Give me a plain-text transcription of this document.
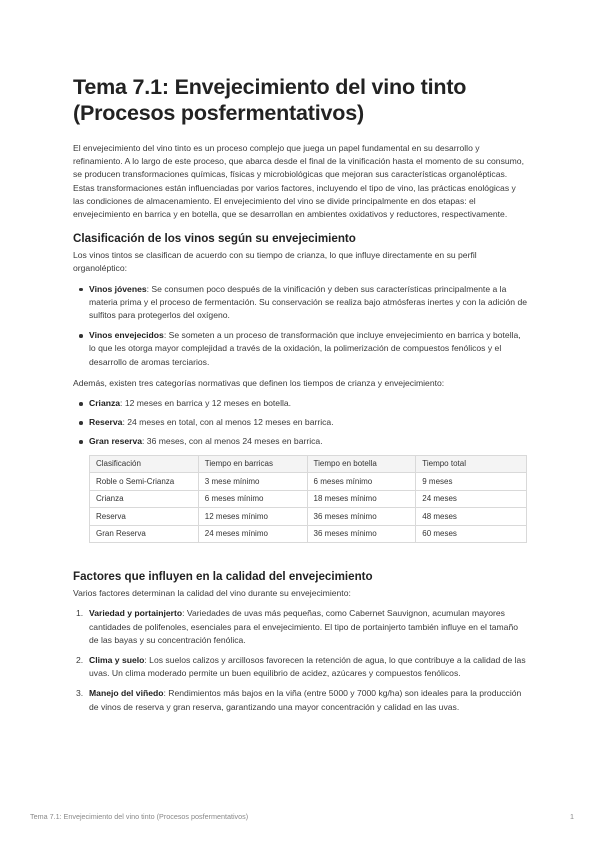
Tema 7.1: Envejecimiento del vino tinto (Procesos posfermentativos)

El envejecimiento del vino tinto es un proceso complejo que juega un papel fundamental en su desarrollo y refinamiento. A lo largo de este proceso, que abarca desde el final de la vinificación hasta el momento de su consumo, se producen transformaciones químicas, físicas y microbiológicas que mejoran sus características organolépticas. Estas transformaciones están influenciadas por varios factores, incluyendo el tipo de vino, las prácticas enológicas y las condiciones de almacenamiento. El envejecimiento del vino se divide principalmente en dos etapas: el envejecimiento en barrica y en botella, que se desarrollan en ambientes oxidativos y reductores, respectivamente.

Clasificación de los vinos según su envejecimiento

Los vinos tintos se clasifican de acuerdo con su tiempo de crianza, lo que influye directamente en su perfil organoléptico:

Vinos jóvenes: Se consumen poco después de la vinificación y deben sus características principalmente a la materia prima y el proceso de fermentación. Su conservación se realiza bajo atmósferas inertes y con la adición de sulfitos para protegerlos del oxígeno.
Vinos envejecidos: Se someten a un proceso de transformación que incluye envejecimiento en barrica y botella, lo que les otorga mayor complejidad a través de la oxidación, la polimerización de compuestos fenólicos y el desarrollo de aromas terciarios.

Además, existen tres categorías normativas que definen los tiempos de crianza y envejecimiento:

Crianza: 12 meses en barrica y 12 meses en botella.
Reserva: 24 meses en total, con al menos 12 meses en barrica.
Gran reserva: 36 meses, con al menos 24 meses en barrica.
Clasificación	Tiempo en barricas	Tiempo en botella	Tiempo total
Roble o Semi-Crianza	3 mese mínimo	6 meses mínimo	9 meses
Crianza	6 meses mínimo	18 meses mínimo	24 meses
Reserva	12 meses mínimo	36 meses mínimo	48 meses
Gran Reserva	24 meses mínimo	36 meses mínimo	60 meses
Factores que influyen en la calidad del envejecimiento

Varios factores determinan la calidad del vino durante su envejecimiento:

1. Variedad y portainjerto: Variedades de uvas más pequeñas, como Cabernet Sauvignon, acumulan mayores cantidades de polifenoles, esenciales para el envejecimiento. El tipo de portainjerto también influye en el tamaño de las bayas y su concentración fenólica.
2. Clima y suelo: Los suelos calizos y arcillosos favorecen la retención de agua, lo que contribuye a la calidad de las uvas. Un clima moderado permite un buen equilibrio de acidez, azúcares y compuestos fenólicos.
3. Manejo del viñedo: Rendimientos más bajos en la viña (entre 5000 y 7000 kg/ha) son ideales para la producción de vinos de reserva y gran reserva, garantizando una mayor concentración y calidad en las uvas.
Tema 7.1: Envejecimiento del vino tinto (Procesos posfermentativos)	1
